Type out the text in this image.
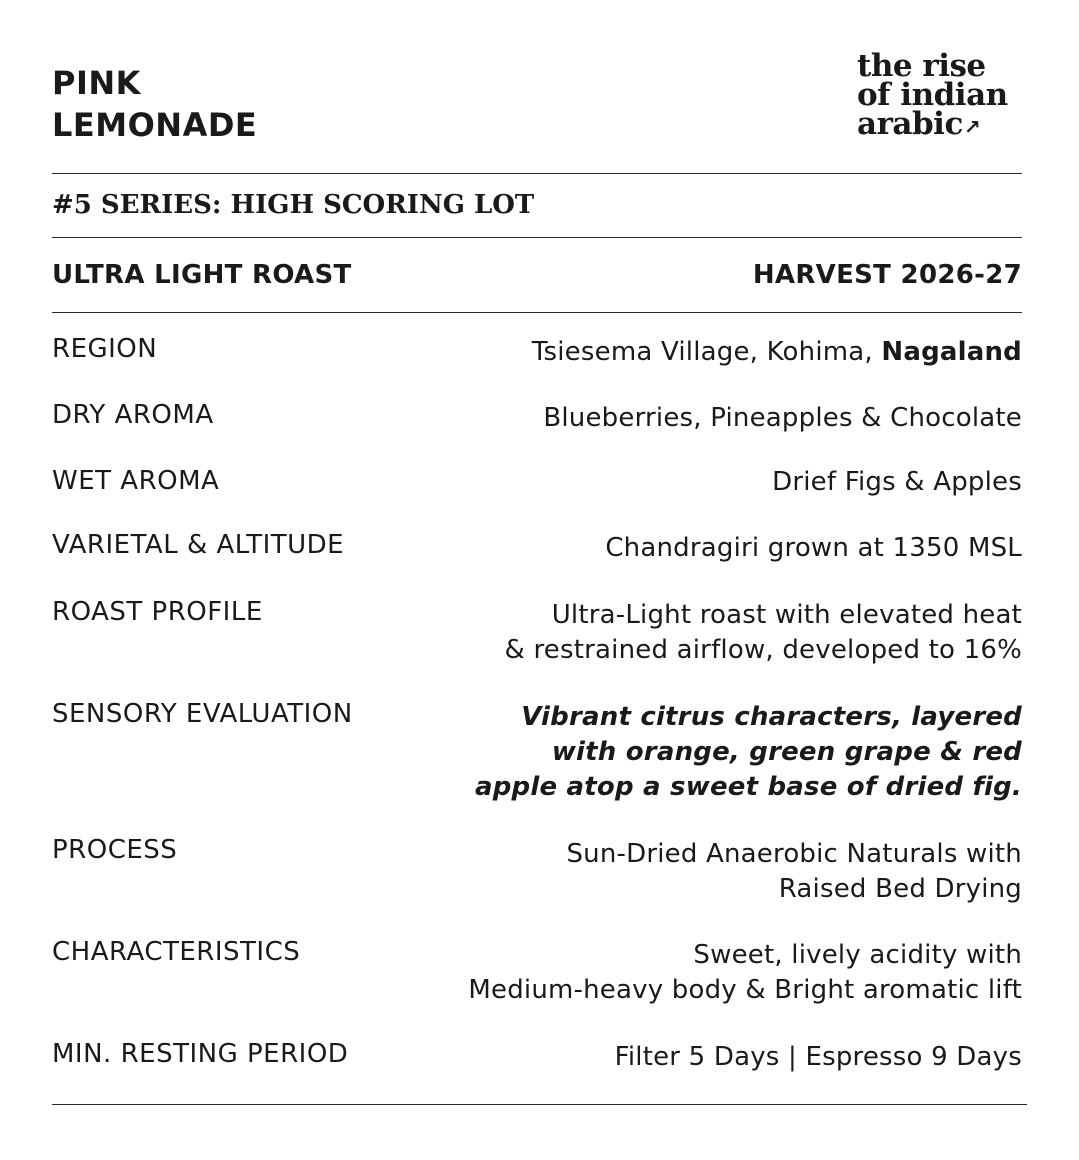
PINK
LEMONADE
the rise
of indian
arabic↗
#5 SERIES: HIGH SCORING LOT
ULTRA LIGHT ROAST	HARVEST 2026-27
REGION	Tsiesema Village, Kohima, Nagaland
DRY AROMA	Blueberries, Pineapples & Chocolate
WET AROMA	Drief Figs & Apples
VARIETAL & ALTITUDE	Chandragiri grown at 1350 MSL
ROAST PROFILE	Ultra-Light roast with elevated heat
& restrained airflow, developed to 16%
SENSORY EVALUATION	Vibrant citrus characters, layered
with orange, green grape & red
apple atop a sweet base of dried fig.
PROCESS	Sun-Dried Anaerobic Naturals with
Raised Bed Drying
CHARACTERISTICS	Sweet, lively acidity with
Medium-heavy body & Bright aromatic lift
MIN. RESTING PERIOD	Filter 5 Days | Espresso 9 Days
